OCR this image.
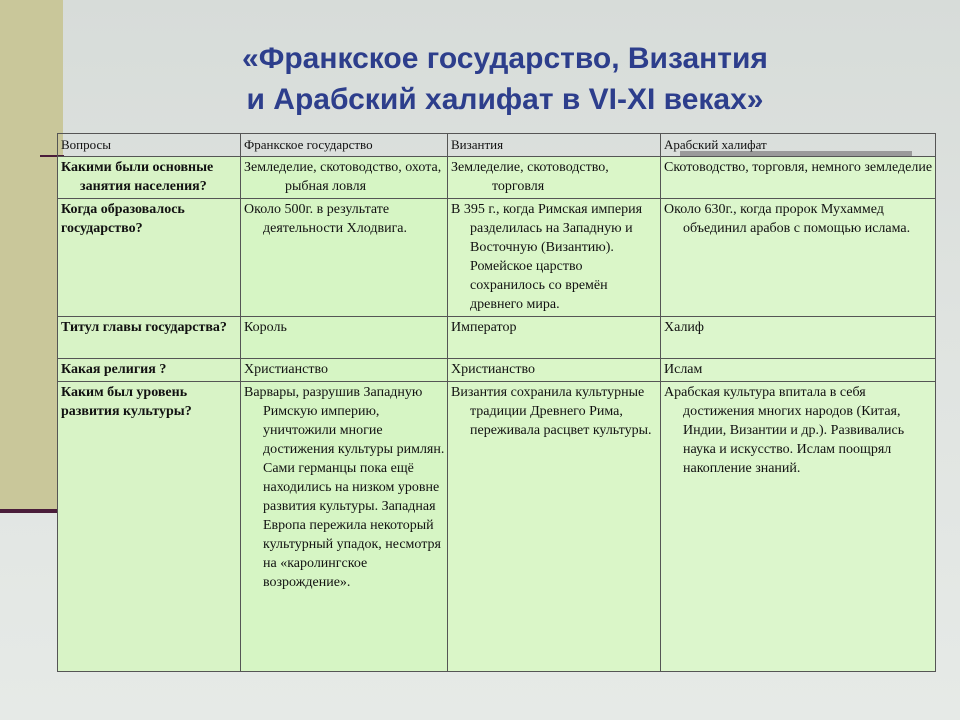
«Франкское государство, Византия
и Арабский халифат в VI-XI веках»
Вопросы	Франкское государство	Византия	Арабский халифат
Какими были основные занятия населения?	Земледелие, скотоводство, охота, рыбная ловля	Земледелие, скотоводство, торговля	Скотоводство, торговля, немного земледелие
Когда образовалось государство?	Около 500г. в результате деятельности Хлодвига.	В 395 г., когда Римская империя разделилась на Западную и Восточную (Византию). Ромейское царство сохранилось со времён древнего мира.	Около 630г., когда пророк Мухаммед объединил арабов с помощью ислама.
Титул главы государства?	Король	Император	Халиф
Какая религия ?	Христианство	Христианство	Ислам
Каким был уровень развития культуры?	Варвары, разрушив Западную Римскую империю, уничтожили многие достижения культуры римлян. Сами германцы пока ещё находились на низком уровне развития культуры. Западная Европа пережила некоторый культурный упадок, несмотря на «каролингское возрождение».	Византия сохранила культурные традиции Древнего Рима, переживала расцвет культуры.	Арабская культура впитала в себя достижения многих народов (Китая, Индии, Византии и др.). Развивались наука и искусство. Ислам поощрял накопление знаний.
